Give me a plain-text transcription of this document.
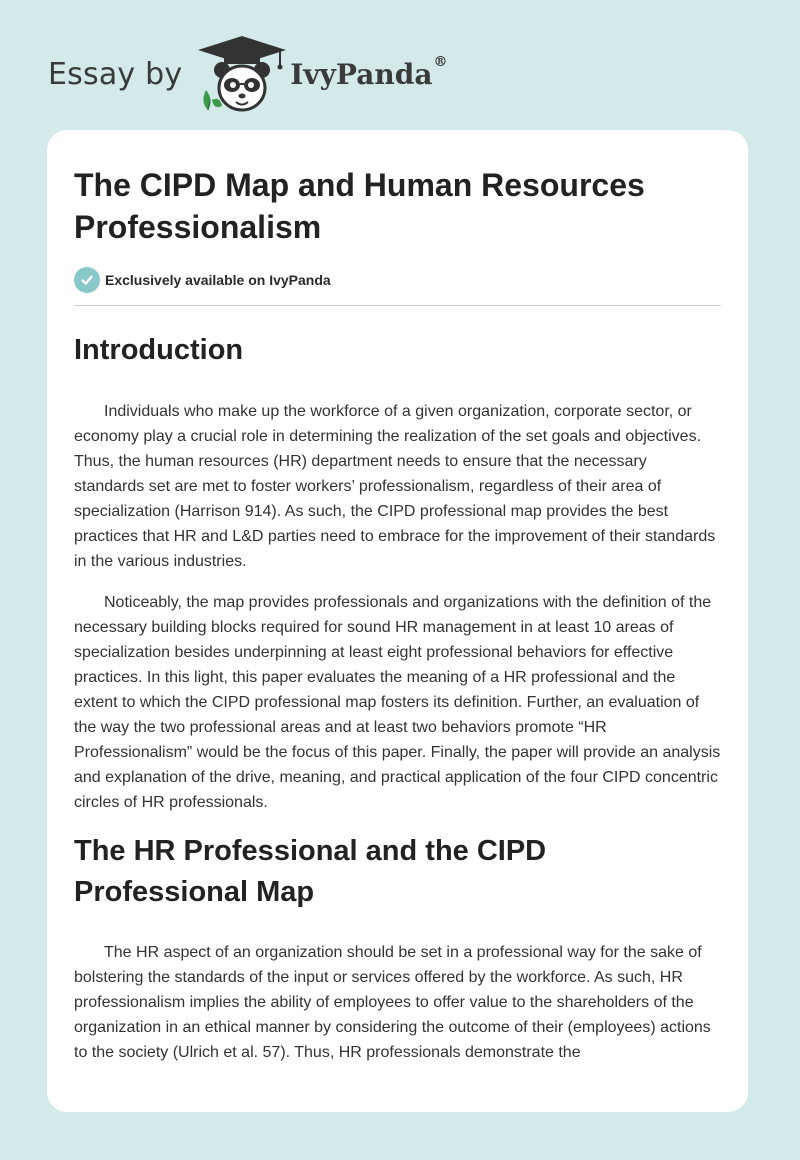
Essay by	IvyPanda®
The CIPD Map and Human Resources Professionalism
Exclusively available on IvyPanda
Introduction

Individuals who make up the workforce of a given organization, corporate sector, or economy play a crucial role in determining the realization of the set goals and objectives. Thus, the human resources (HR) department needs to ensure that the necessary standards set are met to foster workers’ professionalism, regardless of their area of specialization (Harrison 914). As such, the CIPD professional map provides the best practices that HR and L&D parties need to embrace for the improvement of their standards in the various industries.

Noticeably, the map provides professionals and organizations with the definition of the necessary building blocks required for sound HR management in at least 10 areas of specialization besides underpinning at least eight professional behaviors for effective practices. In this light, this paper evaluates the meaning of a HR professional and the extent to which the CIPD professional map fosters its definition. Further, an evaluation of the way the two professional areas and at least two behaviors promote “HR Professionalism” would be the focus of this paper. Finally, the paper will provide an analysis and explanation of the drive, meaning, and practical application of the four CIPD concentric circles of HR professionals.

The HR Professional and the CIPD Professional Map

The HR aspect of an organization should be set in a professional way for the sake of bolstering the standards of the input or services offered by the workforce. As such, HR professionalism implies the ability of employees to offer value to the shareholders of the organization in an ethical manner by considering the outcome of their (employees) actions to the society (Ulrich et al. 57). Thus, HR professionals demonstrate the
